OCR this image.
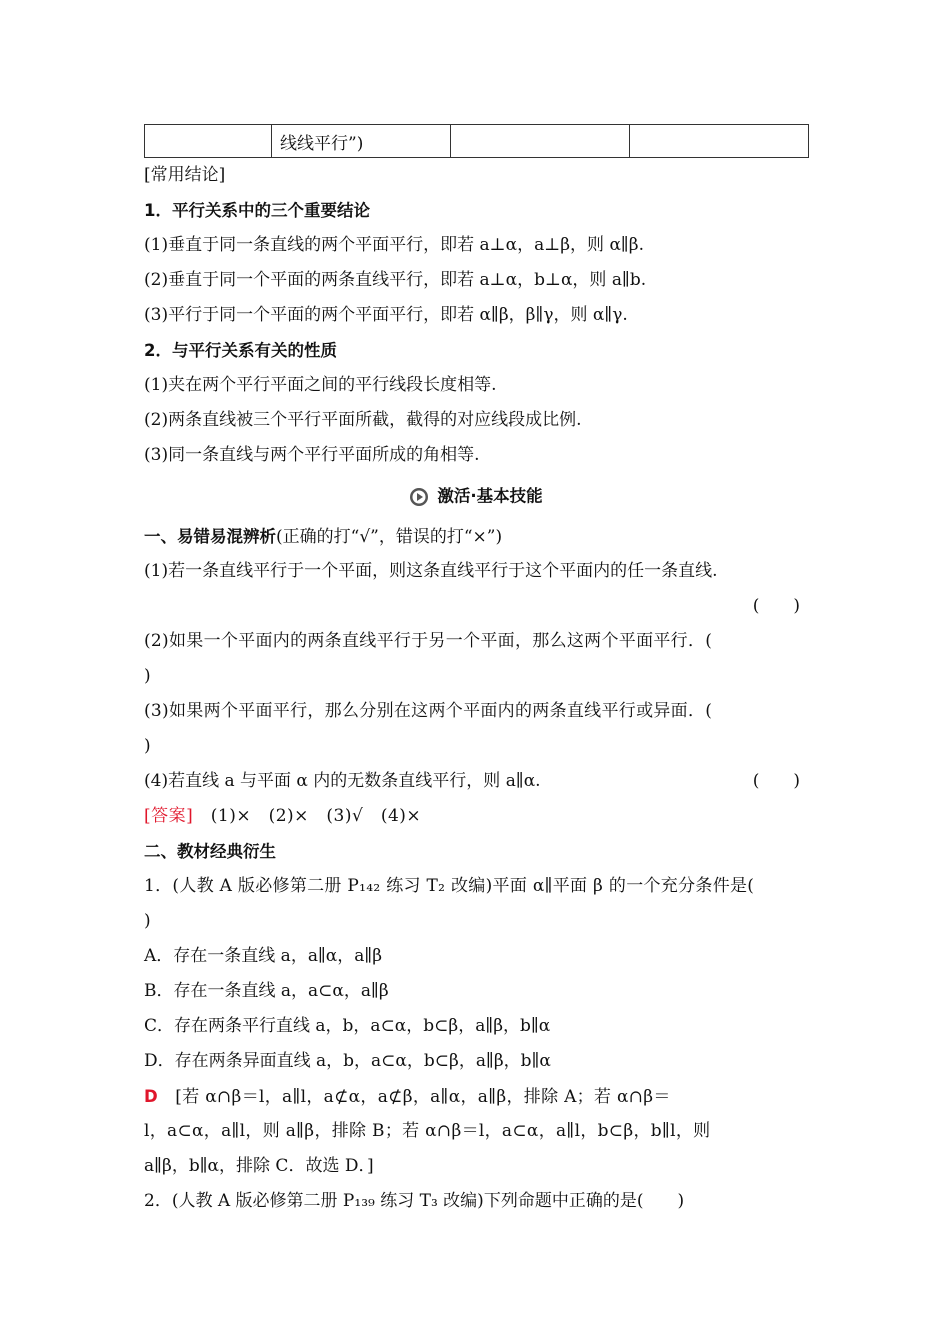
	线线平行”)		
[常用结论]
1．平行关系中的三个重要结论
(1)垂直于同一条直线的两个平面平行，即若 a⊥α，a⊥β，则 α∥β.
(2)垂直于同一个平面的两条直线平行，即若 a⊥α，b⊥α，则 a∥b.
(3)平行于同一个平面的两个平面平行，即若 α∥β，β∥γ，则 α∥γ.
2．与平行关系有关的性质
(1)夹在两个平行平面之间的平行线段长度相等.
(2)两条直线被三个平行平面所截，截得的对应线段成比例.
(3)同一条直线与两个平行平面所成的角相等.
激活·基本技能
一、易错易混辨析(正确的打“√”，错误的打“×”)
(1)若一条直线平行于一个平面，则这条直线平行于这个平面内的任一条直线.
(　　)
(2)如果一个平面内的两条直线平行于另一个平面，那么这两个平面平行．(
)
(3)如果两个平面平行，那么分别在这两个平面内的两条直线平行或异面．(
)
(4)若直线 a 与平面 α 内的无数条直线平行，则 a∥α.	(　　)
[答案]　(1)×　(2)×　(3)√　(4)×
二、教材经典衍生
1．(人教 A 版必修第二册 P₁₄₂ 练习 T₂ 改编)平面 α∥平面 β 的一个充分条件是(
)
A．存在一条直线 a，a∥α，a∥β
B．存在一条直线 a，a⊂α，a∥β
C．存在两条平行直线 a，b，a⊂α，b⊂β，a∥β，b∥α
D．存在两条异面直线 a，b，a⊂α，b⊂β，a∥β，b∥α
D　[若 α∩β＝l，a∥l，a⊄α，a⊄β，a∥α，a∥β，排除 A；若 α∩β＝
l，a⊂α，a∥l，则 a∥β，排除 B；若 α∩β＝l，a⊂α，a∥l，b⊂β，b∥l，则
a∥β，b∥α，排除 C．故选 D．]
2．(人教 A 版必修第二册 P₁₃₉ 练习 T₃ 改编)下列命题中正确的是(　　)
